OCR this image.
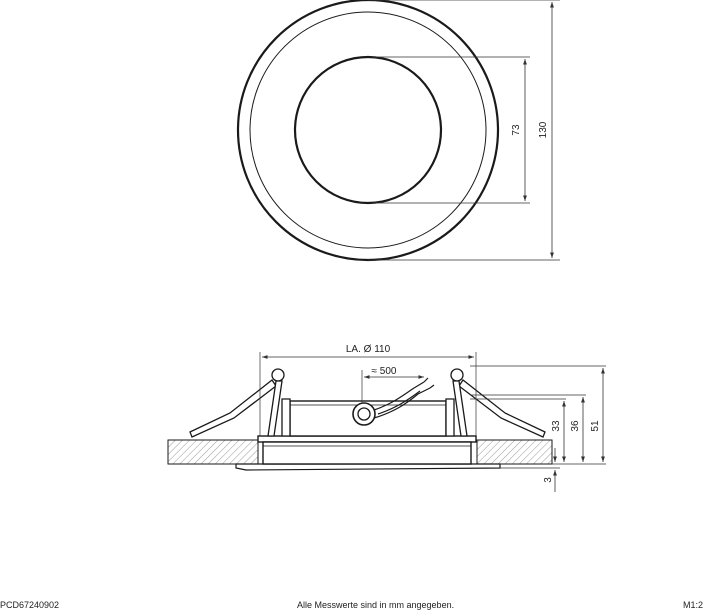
73 130
LA. Ø 110
≈ 500
33 36 51
3
PCD67240902	Alle Messwerte sind in mm angegeben.	M1:2
